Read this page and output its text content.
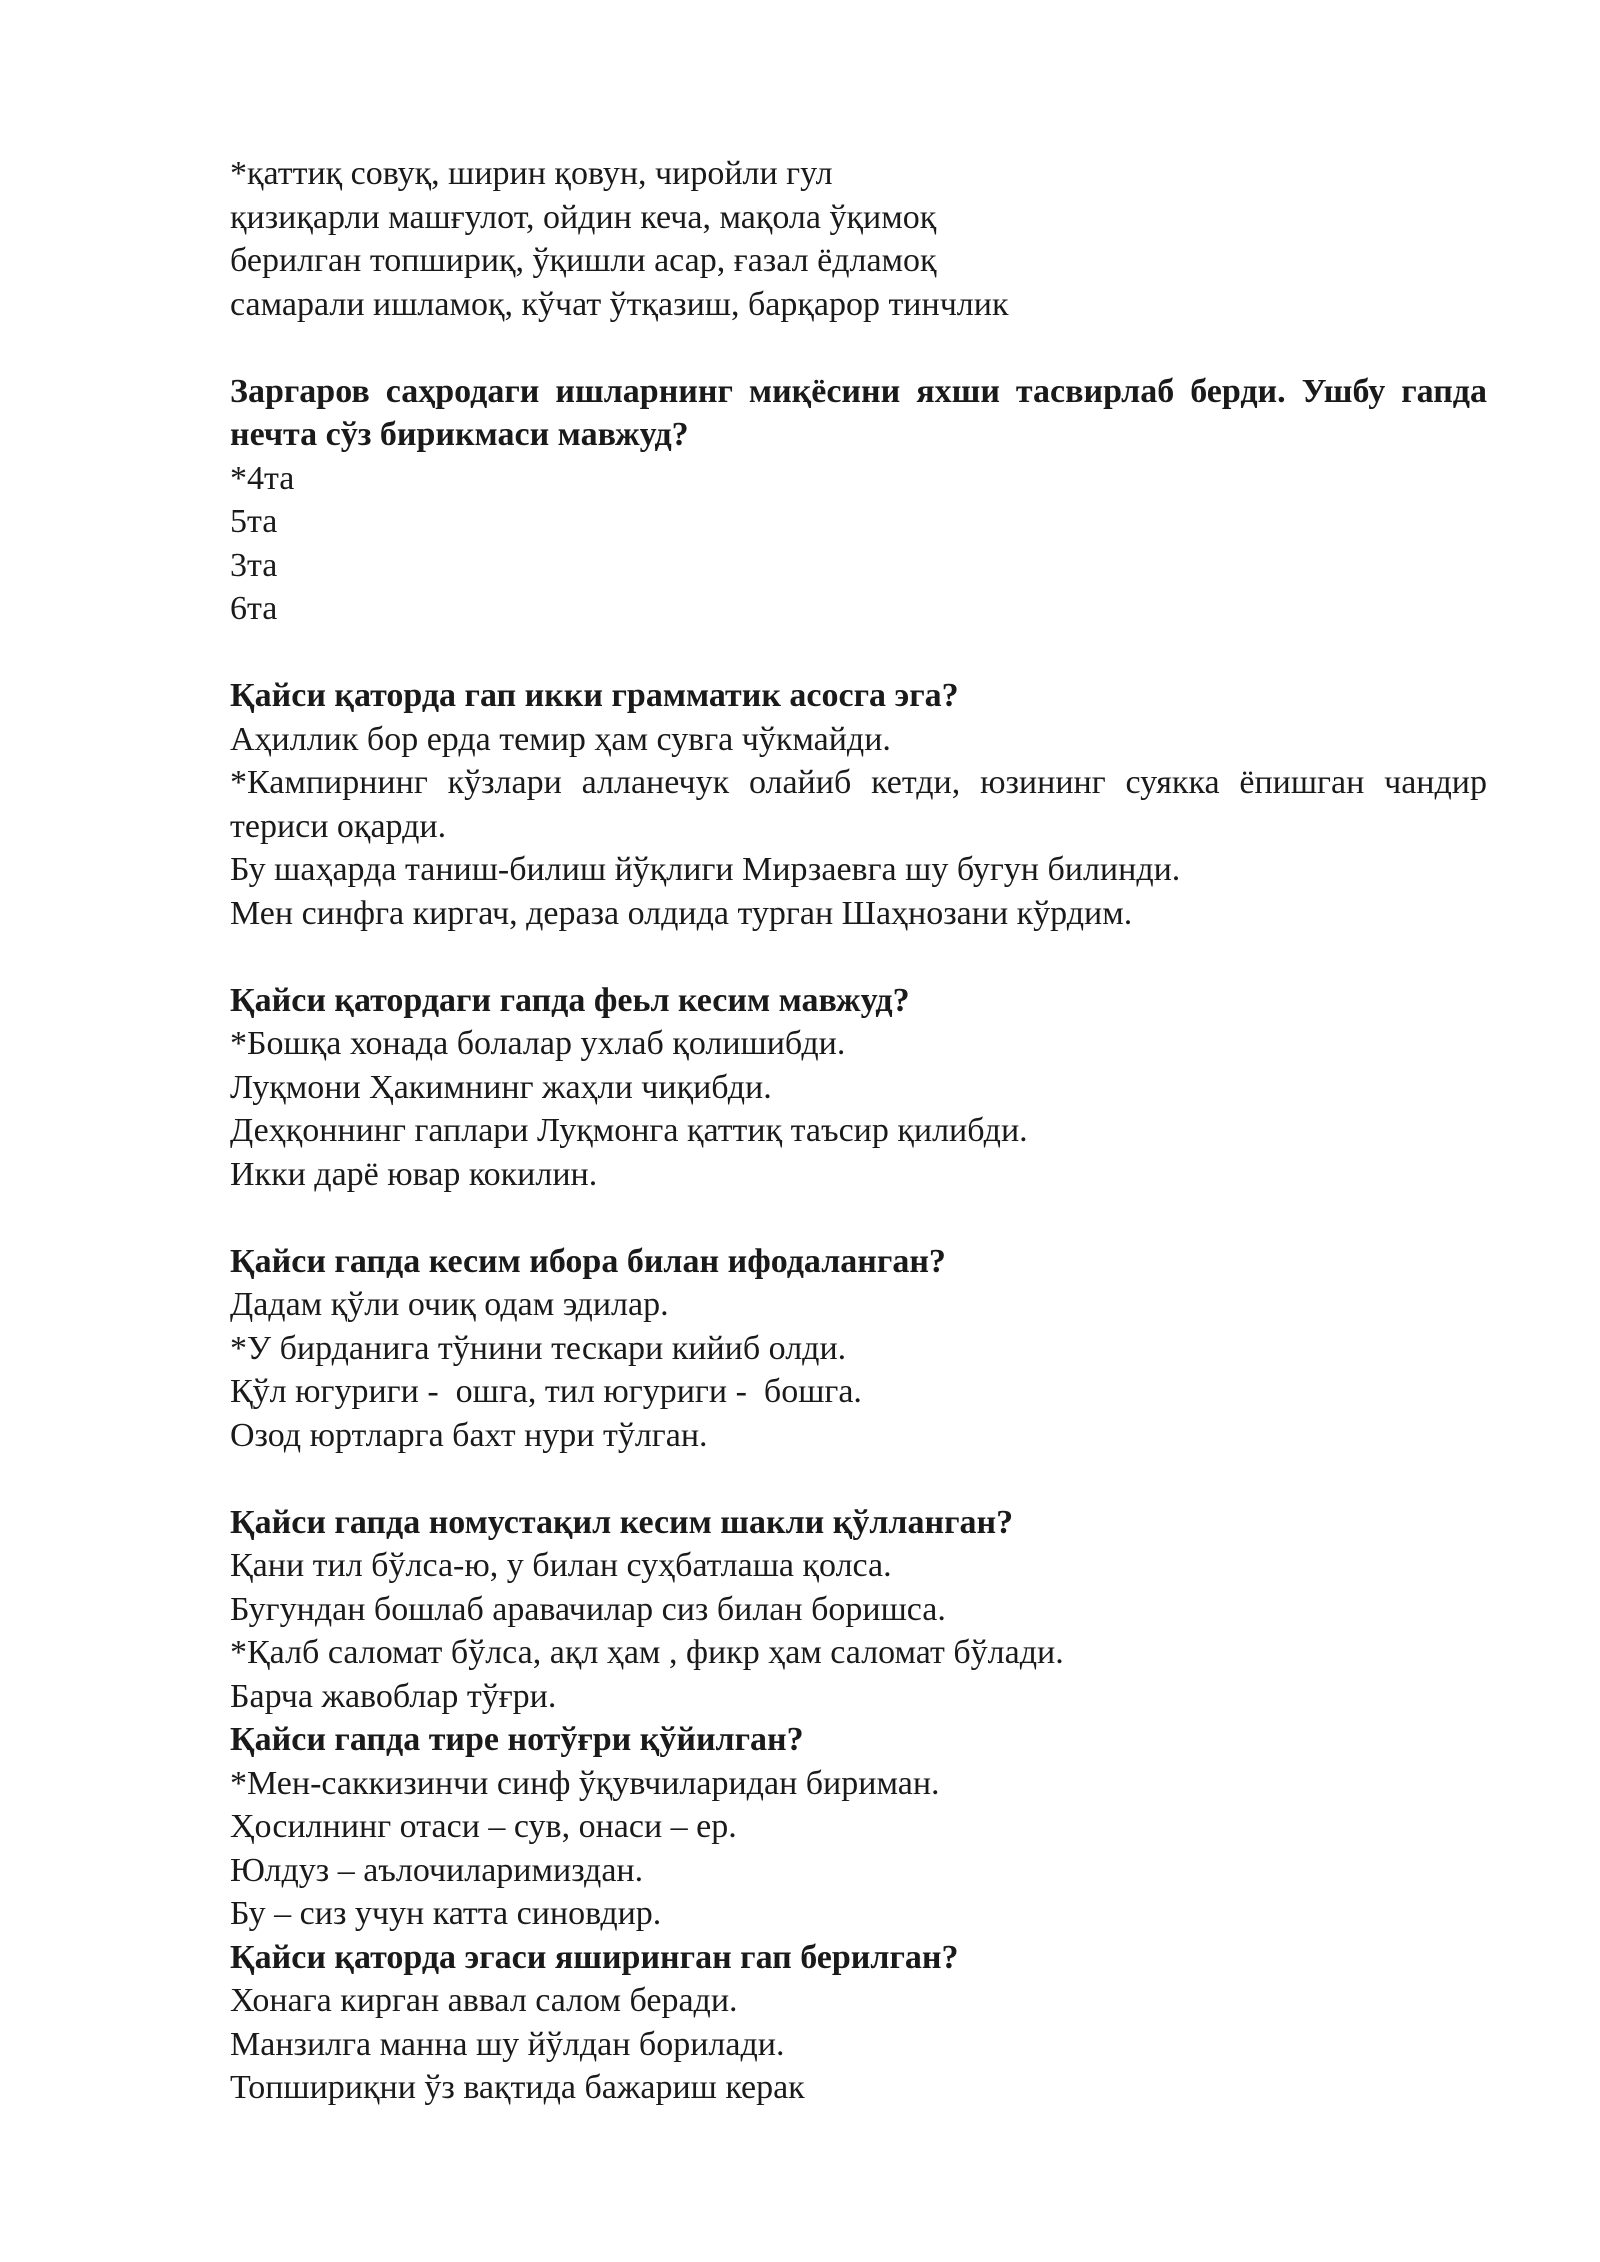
*қаттиқ совуқ, ширин қовун, чиройли гул
қизиқарли машғулот, ойдин кеча, мақола ўқимоқ
берилган топшириқ, ўқишли асар, ғазал ёдламоқ
самарали ишламоқ, кўчат ўтқазиш, барқарор тинчлик
Заргаров саҳродаги ишларнинг миқёсини яхши тасвирлаб берди. Ушбу гапда нечта сўз бирикмаси мавжуд?
*4та
5та
3та
6та
Қайси қаторда гап икки грамматик асосга эга?
Аҳиллик бор ерда темир ҳам сувга чўкмайди.
*Кампирнинг кўзлари алланечук олайиб кетди, юзининг суякка ёпишган чандир териси оқарди.
Бу шаҳарда таниш-билиш йўқлиги Мирзаевга шу бугун билинди.
Мен синфга киргач, дераза олдида турган Шаҳнозани кўрдим.
Қайси қатордаги гапда феьл кесим мавжуд?
*Бошқа хонада болалар ухлаб қолишибди.
Луқмони Ҳакимнинг жаҳли чиқибди.
Деҳқоннинг гаплари Луқмонга қаттиқ таъсир қилибди.
Икки дарё ювар кокилин.
Қайси гапда кесим ибора билан ифодаланган?
Дадам қўли очиқ одам эдилар.
*У бирданига тўнини тескари кийиб олди.
Қўл югуриги -  ошга, тил югуриги -  бошга.
Озод юртларга бахт нури тўлган.
Қайси гапда номустақил кесим шакли қўлланган?
Қани тил бўлса-ю, у билан суҳбатлаша қолса.
Бугундан бошлаб аравачилар сиз билан боришса.
*Қалб саломат бўлса, ақл ҳам , фикр ҳам саломат бўлади.
Барча жавоблар тўғри.
Қайси гапда тире нотўғри қўйилган?
*Мен-саккизинчи синф ўқувчиларидан бириман.
Ҳосилнинг отаси – сув, онаси – ер.
Юлдуз – аълочиларимиздан.
Бу – сиз учун катта синовдир.
Қайси қаторда эгаси яширинган гап берилган?
Хонага кирган аввал салом беради.
Манзилга манна шу йўлдан борилади.
Топшириқни ўз вақтида бажариш керак
